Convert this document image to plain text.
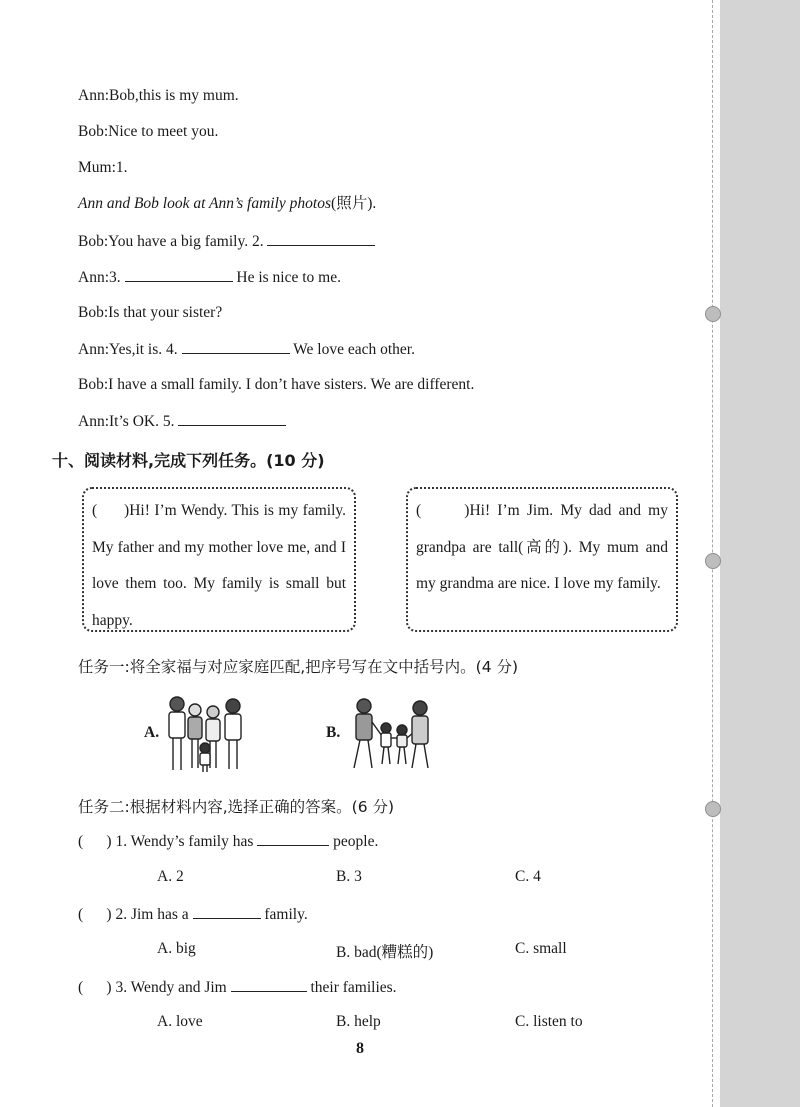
Ann:Bob,this is my mum.
Bob:Nice to meet you.
Mum:1.
Ann and Bob look at Ann’s family photos(照片).
Bob:You have a big family. 2.
Ann:3.	He is nice to me.
Bob:Is that your sister?
Ann:Yes,it is. 4.	We love each other.
Bob:I have a small family. I don’t have sisters. We are different.
Ann:It’s OK. 5.
十、阅读材料,完成下列任务。(10 分)
(      )Hi! I’m Wendy. This is my family. My father and my mother love me, and I love them too. My family is small but happy.
(      )Hi! I’m Jim. My dad and my grandpa are tall(高的). My mum and my grandma are nice. I love my family.
任务一:将全家福与对应家庭匹配,把序号写在文中括号内。(4 分)
A.	B.
任务二:根据材料内容,选择正确的答案。(6 分)
(      ) 1. Wendy’s family has	people.
A. 2	B. 3	C. 4
(      ) 2. Jim has a	family.
A. big	B. bad(糟糕的)	C. small
(      ) 3. Wendy and Jim	their families.
A. love	B. help	C. listen to
8
